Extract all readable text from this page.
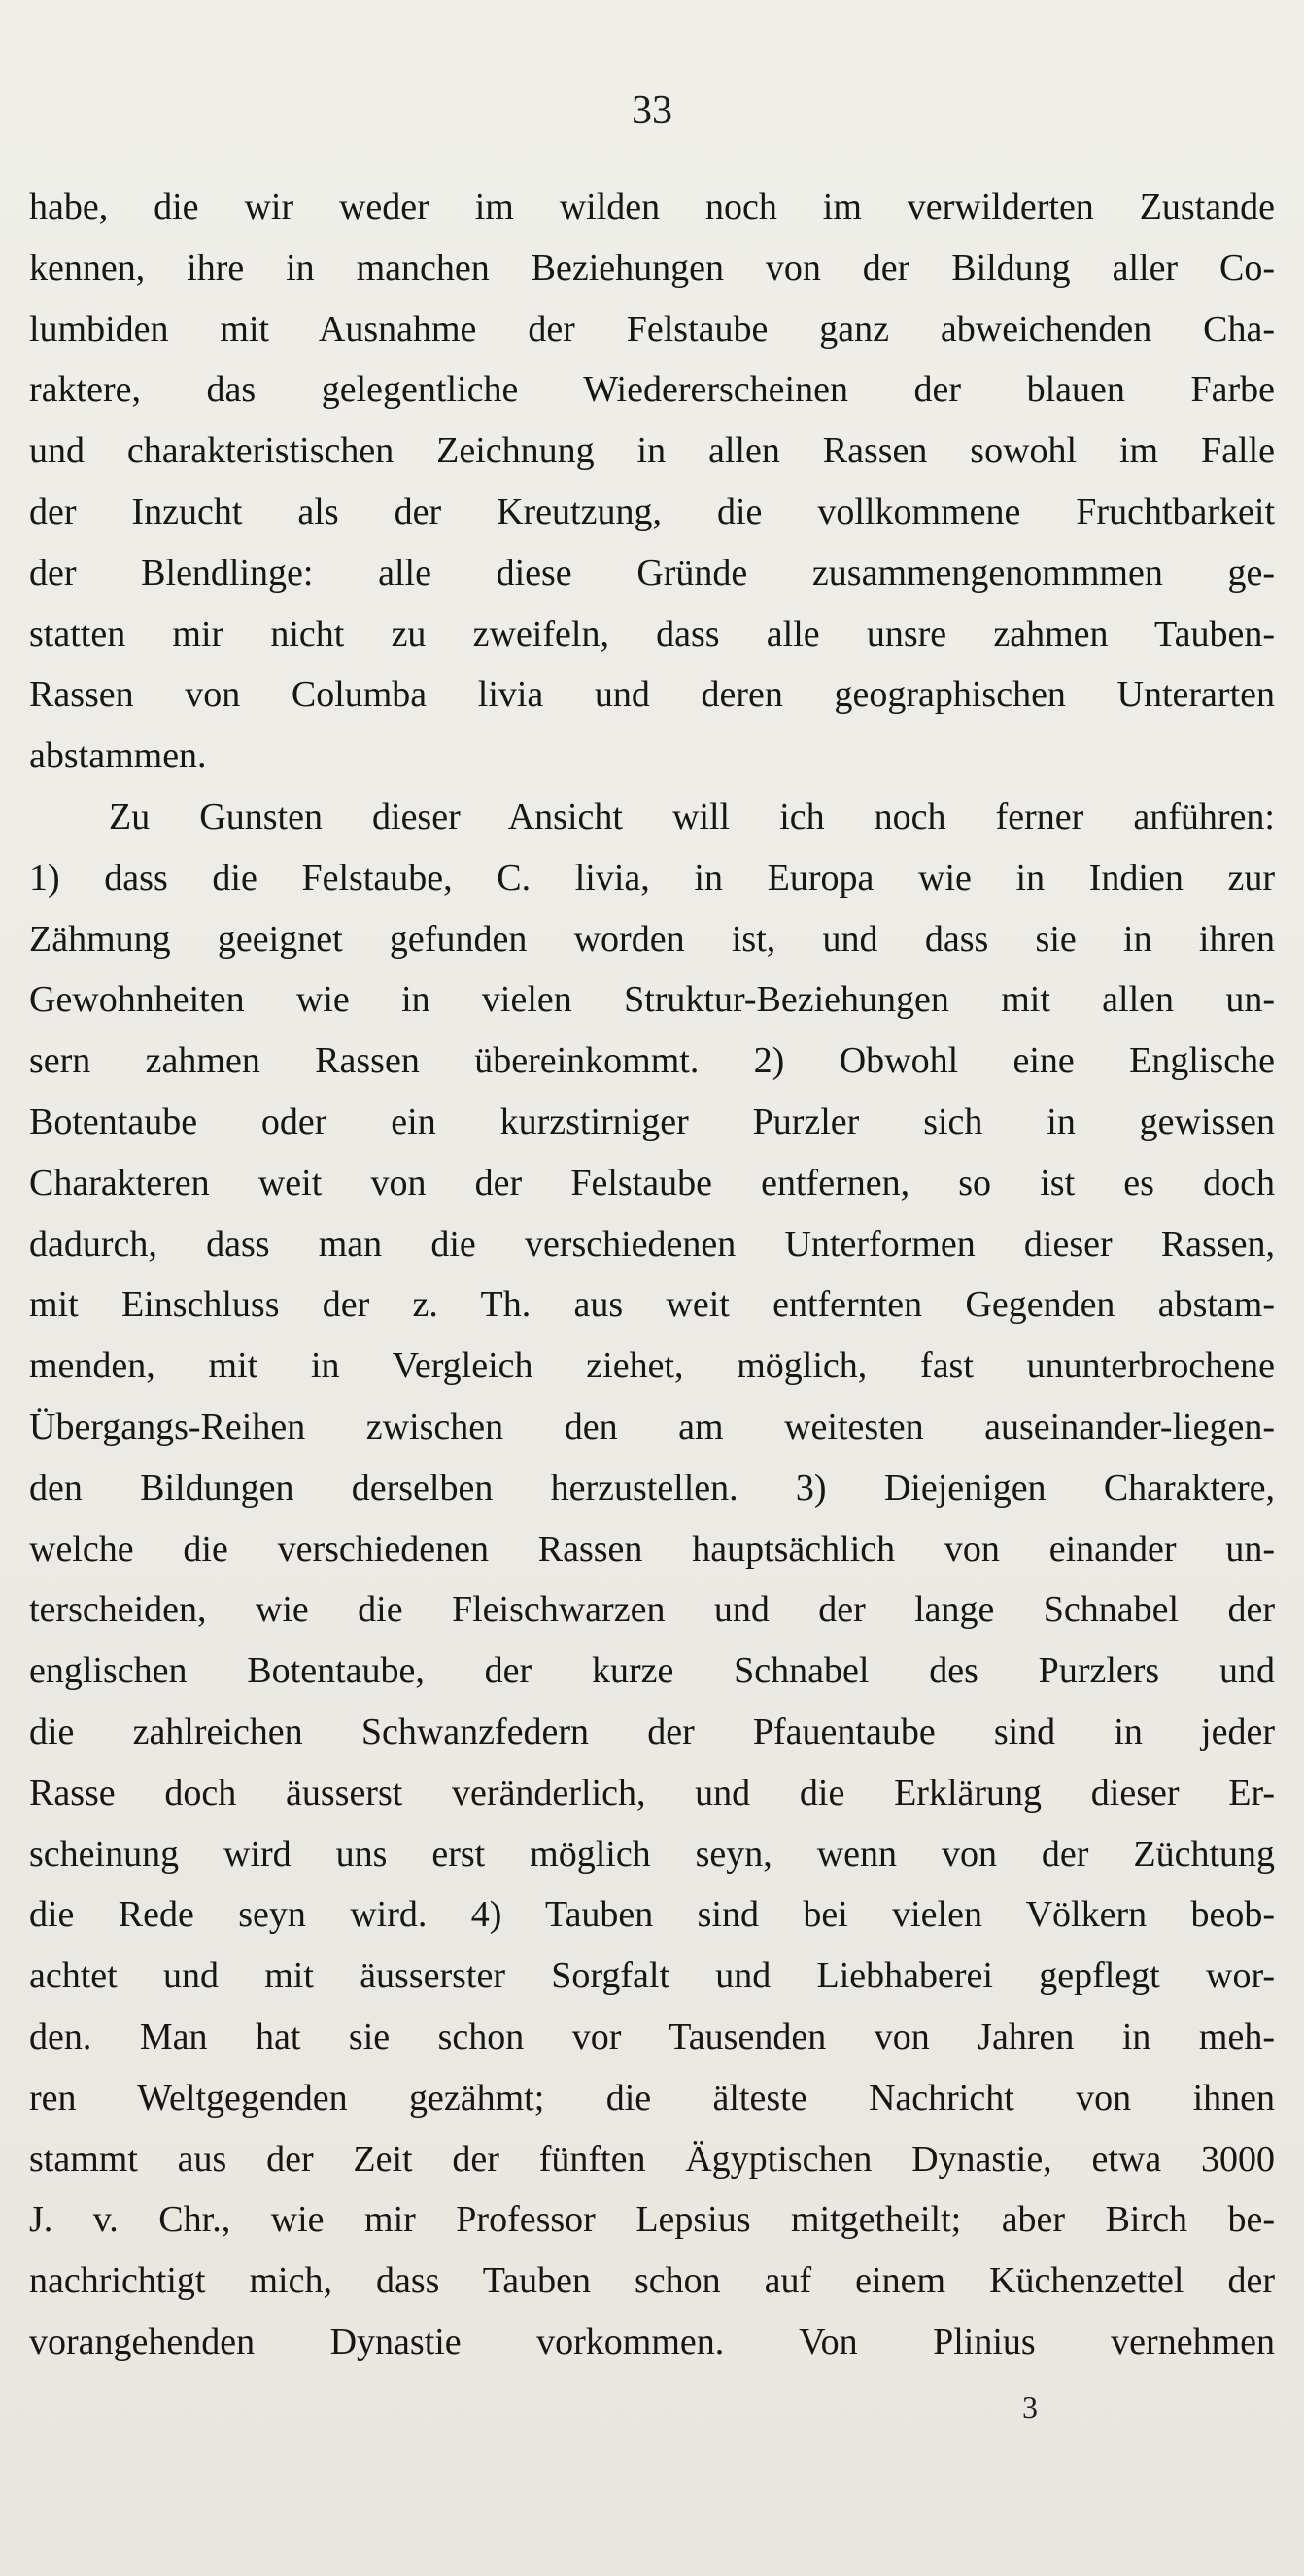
33
habe, die wir weder im wilden noch im verwilderten Zustande
kennen, ihre in manchen Beziehungen von der Bildung aller Co-
lumbiden mit Ausnahme der Felstaube ganz abweichenden Cha-
raktere, das gelegentliche Wiedererscheinen der blauen Farbe
und charakteristischen Zeichnung in allen Rassen sowohl im Falle
der Inzucht als der Kreutzung, die vollkommene Fruchtbarkeit
der Blendlinge: alle diese Gründe zusammengenommmen ge-
statten mir nicht zu zweifeln, dass alle unsre zahmen Tauben-
Rassen von Columba livia und deren geographischen Unterarten
abstammen.
Zu Gunsten dieser Ansicht will ich noch ferner anführen:
1) dass die Felstaube, C. livia, in Europa wie in Indien zur
Zähmung geeignet gefunden worden ist, und dass sie in ihren
Gewohnheiten wie in vielen Struktur-Beziehungen mit allen un-
sern zahmen Rassen übereinkommt. 2) Obwohl eine Englische
Botentaube oder ein kurzstirniger Purzler sich in gewissen
Charakteren weit von der Felstaube entfernen, so ist es doch
dadurch, dass man die verschiedenen Unterformen dieser Rassen,
mit Einschluss der z. Th. aus weit entfernten Gegenden abstam-
menden, mit in Vergleich ziehet, möglich, fast ununterbrochene
Übergangs-Reihen zwischen den am weitesten auseinander-liegen-
den Bildungen derselben herzustellen. 3) Diejenigen Charaktere,
welche die verschiedenen Rassen hauptsächlich von einander un-
terscheiden, wie die Fleischwarzen und der lange Schnabel der
englischen Botentaube, der kurze Schnabel des Purzlers und
die zahlreichen Schwanzfedern der Pfauentaube sind in jeder
Rasse doch äusserst veränderlich, und die Erklärung dieser Er-
scheinung wird uns erst möglich seyn, wenn von der Züchtung
die Rede seyn wird. 4) Tauben sind bei vielen Völkern beob-
achtet und mit äusserster Sorgfalt und Liebhaberei gepflegt wor-
den. Man hat sie schon vor Tausenden von Jahren in meh-
ren Weltgegenden gezähmt; die älteste Nachricht von ihnen
stammt aus der Zeit der fünften Ägyptischen Dynastie, etwa 3000
J. v. Chr., wie mir Professor Lepsius mitgetheilt; aber Birch be-
nachrichtigt mich, dass Tauben schon auf einem Küchenzettel der
vorangehenden Dynastie vorkommen. Von Plinius vernehmen
3
